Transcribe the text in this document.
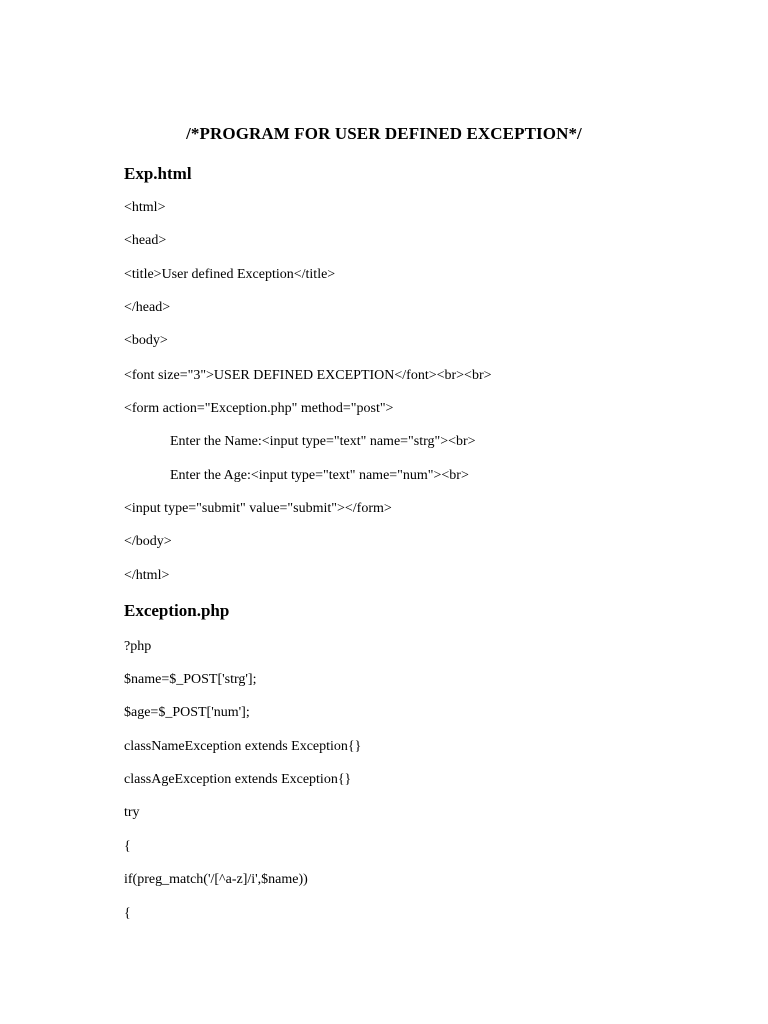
/*PROGRAM FOR USER DEFINED EXCEPTION*/
Exp.html
<html>
<head>
<title>User defined Exception</title>
</head>
<body>
<font size="3">USER DEFINED EXCEPTION</font><br><br>
<form action="Exception.php" method="post">
Enter the Name:<input type="text" name="strg"><br>
Enter the Age:<input type="text" name="num"><br>
<input type="submit" value="submit"></form>
</body>
</html>
Exception.php
?php
$name=$_POST['strg'];
$age=$_POST['num'];
classNameException extends Exception{}
classAgeException extends Exception{}
try
{
if(preg_match('/[^a-z]/i',$name))
{
